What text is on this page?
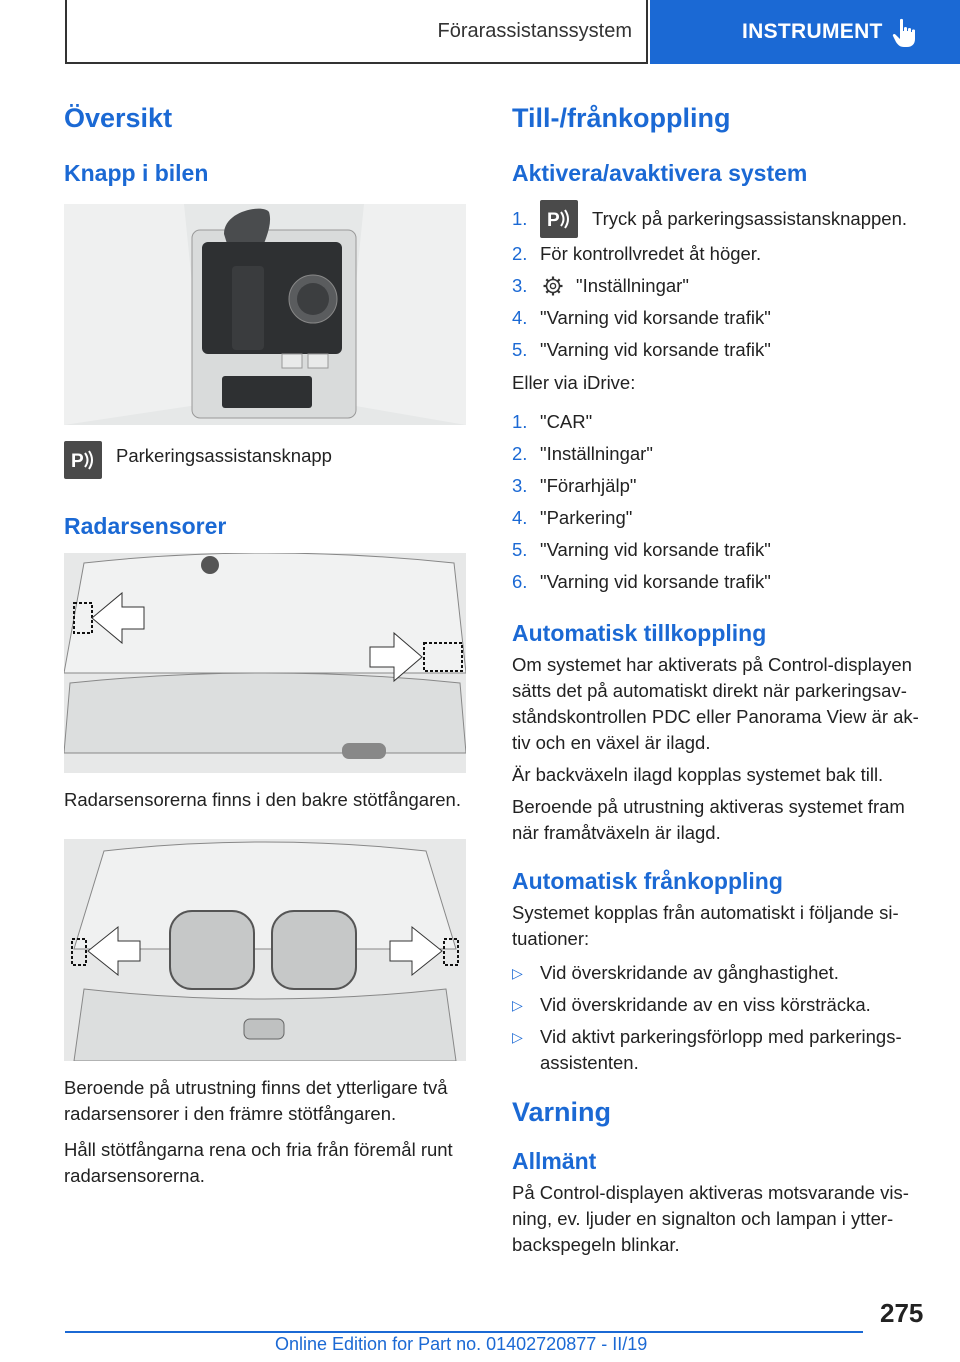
Förarassistanssystem	INSTRUMENT
Översikt
Knapp i bilen
P Parkeringsassistansknapp

Radarsensorer

Radarsensorerna finns i den bakre stötfångaren.

Beroende på utrustning finns det ytterligare två radarsensorer i den främre stötfångaren.

Håll stötfångarna rena och fria från föremål runt radarsensorerna.

Till-/frånkoppling
Aktivera/avaktivera system
1.	P Tryck på parkeringsassistansknappen.
2. För kontrollvredet åt höger.
3.	"Inställningar"
4. "Varning vid korsande trafik"
5. "Varning vid korsande trafik"

Eller via iDrive:

1. "CAR"
2. "Inställningar"
3. "Förarhjälp"
4. "Parkering"
5. "Varning vid korsande trafik"
6. "Varning vid korsande trafik"
Automatisk tillkoppling

Om systemet har aktiverats på Control-displayen sätts det på automatiskt direkt när parkeringsav- ståndskontrollen PDC eller Panorama View är ak- tiv och en växel är ilagd.

Är backväxeln ilagd kopplas systemet bak till.

Beroende på utrustning aktiveras systemet fram när framåtväxeln är ilagd.

Automatisk frånkoppling

Systemet kopplas från automatiskt i följande si- tuationer:

▷ Vid överskridande av gånghastighet.
▷ Vid överskridande av en viss körsträcka.
▷ Vid aktivt parkeringsförlopp med parkerings- assistenten.
Varning
Allmänt

På Control-displayen aktiveras motsvarande vis- ning, ev. ljuder en signalton och lampan i ytter- backspegeln blinkar.

275
Online Edition for Part no. 01402720877 - II/19
